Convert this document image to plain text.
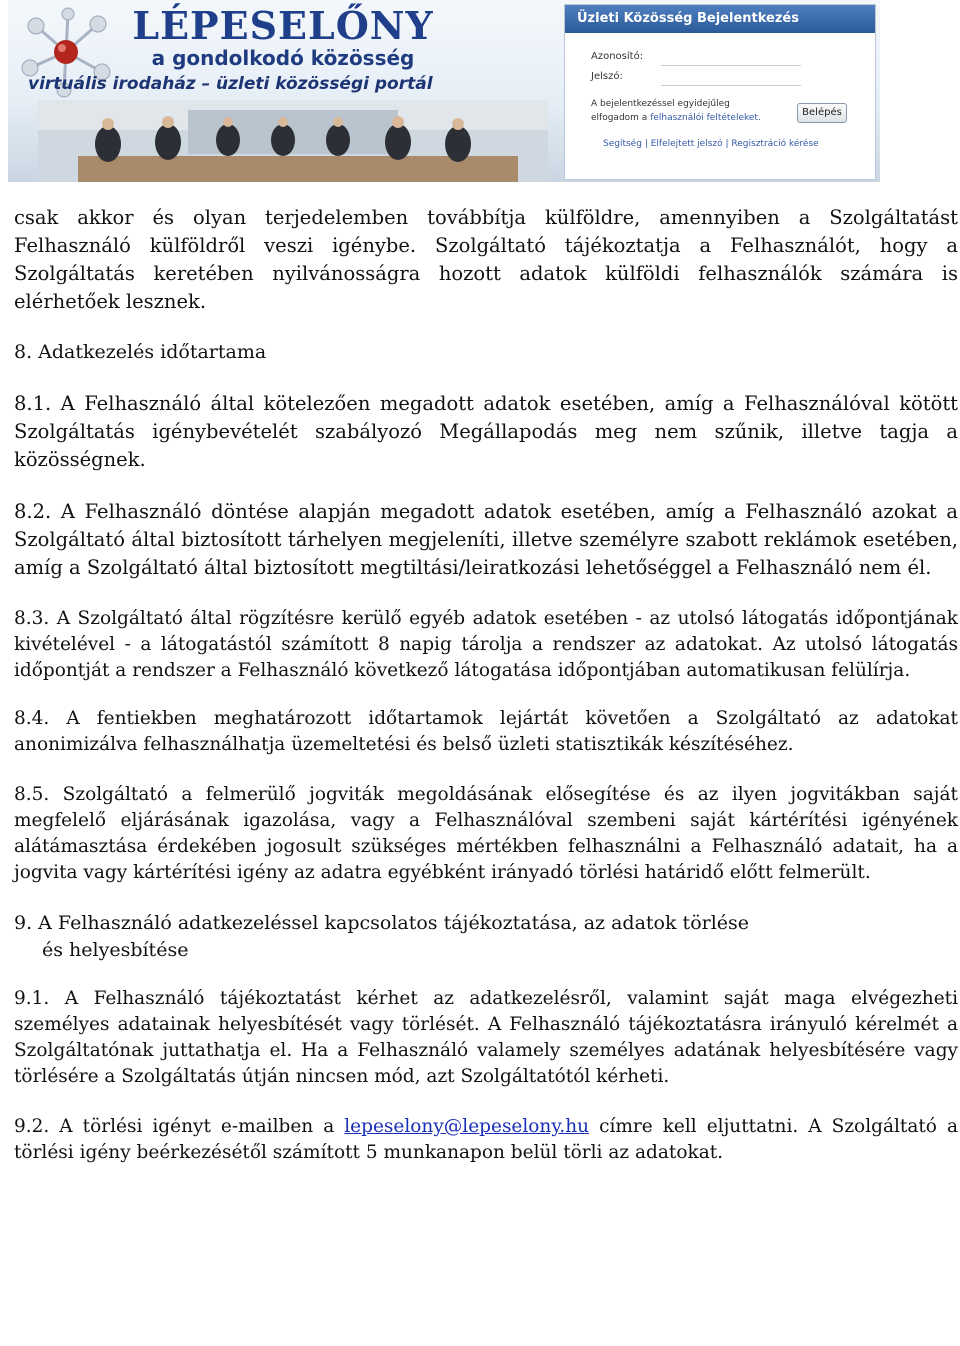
LÉPESELŐNY
a gondolkodó közösség
virtuális irodaház – üzleti közösségi portál
Üzleti Közösség Bejelentkezés
Azonosító:
Jelszó:
A bejelentkezéssel egyidejűleg
elfogadom a felhasználói feltételeket.	Belépés
Segítség | Elfelejtett jelszó | Regisztráció kérése

csak akkor és olyan terjedelemben továbbítja külföldre, amennyiben a Szolgáltatást Felhasználó külföldről veszi igénybe. Szolgáltató tájékoztatja a Felhasználót, hogy a Szolgáltatás keretében nyilvánosságra hozott adatok külföldi felhasználók számára is elérhetőek lesznek.

8. Adatkezelés időtartama

8.1. A Felhasználó által kötelezően megadott adatok esetében, amíg a Felhasználóval kötött Szolgáltatás igénybevételét szabályozó Megállapodás meg nem szűnik, illetve tagja a közösségnek.

8.2. A Felhasználó döntése alapján megadott adatok esetében, amíg a Felhasználó azokat a Szolgáltató által biztosított tárhelyen megjeleníti, illetve személyre szabott reklámok esetében, amíg a Szolgáltató által biztosított megtiltási/leiratkozási lehetőséggel a Felhasználó nem él.

8.3. A Szolgáltató által rögzítésre kerülő egyéb adatok esetében - az utolsó látogatás időpontjának kivételével - a látogatástól számított 8 napig tárolja a rendszer az adatokat. Az utolsó látogatás időpontját a rendszer a Felhasználó következő látogatása időpontjában automatikusan felülírja.

8.4. A fentiekben meghatározott időtartamok lejártát követően a Szolgáltató az adatokat anonimizálva felhasználhatja üzemeltetési és belső üzleti statisztikák készítéséhez.

8.5. Szolgáltató a felmerülő jogviták megoldásának elősegítése és az ilyen jogvitákban saját megfelelő eljárásának igazolása, vagy a Felhasználóval szembeni saját kártérítési igényének alátámasztása érdekében jogosult szükséges mértékben felhasználni a Felhasználó adatait, ha a jogvita vagy kártérítési igény az adatra egyébként irányadó törlési határidő előtt felmerült.

9. A Felhasználó adatkezeléssel kapcsolatos tájékoztatása, az adatok törlése

és helyesbítése

9.1. A Felhasználó tájékoztatást kérhet az adatkezelésről, valamint saját maga elvégezheti személyes adatainak helyesbítését vagy törlését. A Felhasználó tájékoztatásra irányuló kérelmét a Szolgáltatónak juttathatja el. Ha a Felhasználó valamely személyes adatának helyesbítésére vagy törlésére a Szolgáltatás útján nincsen mód, azt Szolgáltatótól kérheti.

9.2. A törlési igényt e-mailben a lepeselony@lepeselony.hu címre kell eljuttatni. A Szolgáltató a törlési igény beérkezésétől számított 5 munkanapon belül törli az adatokat.
